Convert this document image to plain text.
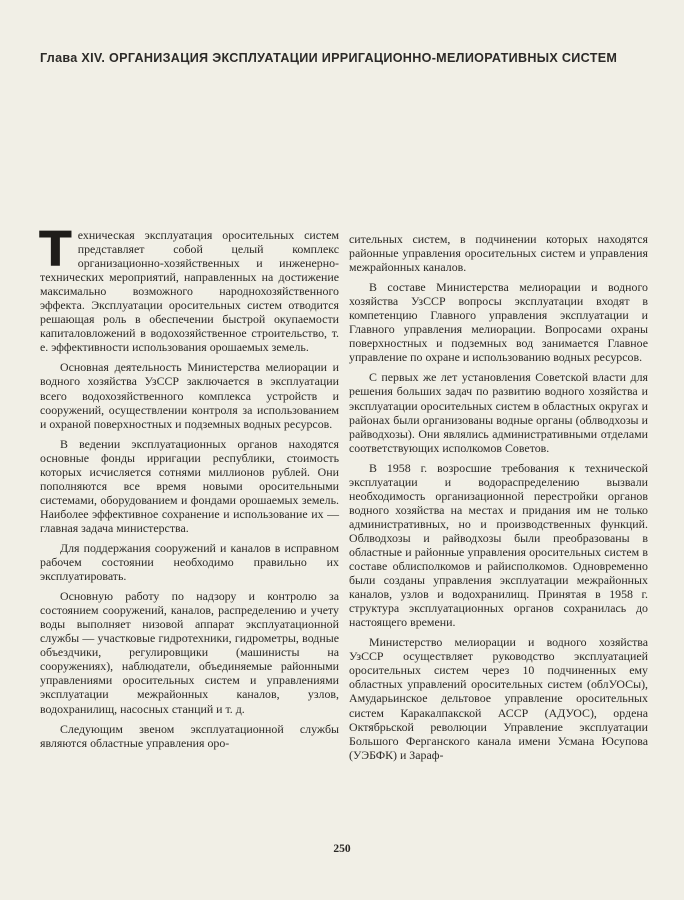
Глава XIV. ОРГАНИЗАЦИЯ ЭКСПЛУАТАЦИИ ИРРИГАЦИОННО-МЕЛИОРАТИВНЫХ СИСТЕМ

Техническая эксплуатация оросительных систем представляет собой целый комплекс организационно-хозяйственных и инженерно-технических мероприятий, направленных на достижение максимально возможного народнохозяйственного эффекта. Эксплуатации оросительных систем отводится решающая роль в обеспечении быстрой окупаемости капиталовложений в водохозяйственное строительство, т. е. эффективности использования орошаемых земель.

Основная деятельность Министерства мелиорации и водного хозяйства УзССР заключается в эксплуатации всего водохозяйственного комплекса устройств и сооружений, осуществлении контроля за использованием и охраной поверхностных и подземных водных ресурсов.

В ведении эксплуатационных органов находятся основные фонды ирригации республики, стоимость которых исчисляется сотнями миллионов рублей. Они пополняются все время новыми оросительными системами, оборудованием и фондами орошаемых земель. Наиболее эффективное сохранение и использование их — главная задача министерства.

Для поддержания сооружений и каналов в исправном рабочем состоянии необходимо правильно их эксплуатировать.

Основную работу по надзору и контролю за состоянием сооружений, каналов, распределению и учету воды выполняет низовой аппарат эксплуатационной службы — участковые гидротехники, гидрометры, водные объездчики, регулировщики (машинисты на сооружениях), наблюдатели, объединяемые районными управлениями оросительных систем и управлениями эксплуатации межрайонных каналов, узлов, водохранилищ, насосных станций и т. д.

Следующим звеном эксплуатационной службы являются областные управления оро-

сительных систем, в подчинении которых находятся районные управления оросительных систем и управления межрайонных каналов.

В составе Министерства мелиорации и водного хозяйства УзССР вопросы эксплуатации входят в компетенцию Главного управления эксплуатации и Главного управления мелиорации. Вопросами охраны поверхностных и подземных вод занимается Главное управление по охране и использованию водных ресурсов.

С первых же лет установления Советской власти для решения больших задач по развитию водного хозяйства и эксплуатации оросительных систем в областных округах и районах были организованы водные органы (облводхозы и райводхозы). Они являлись административными отделами соответствующих исполкомов Советов.

В 1958 г. возросшие требования к технической эксплуатации и водораспределению вызвали необходимость организационной перестройки органов водного хозяйства на местах и придания им не только административных, но и производственных функций. Облводхозы и райводхозы были преобразованы в областные и районные управления оросительных систем в составе облисполкомов и райисполкомов. Одновременно были созданы управления эксплуатации межрайонных каналов, узлов и водохранилищ. Принятая в 1958 г. структура эксплуатационных органов сохранилась до настоящего времени.

Министерство мелиорации и водного хозяйства УзССР осуществляет руководство эксплуатацией оросительных систем через 10 подчиненных ему областных управлений оросительных систем (облУОСы), Амударьинское дельтовое управление оросительных систем Каракалпакской АССР (АДУОС), ордена Октябрьской революции Управление эксплуатации Большого Ферганского канала имени Усмана Юсупова (УЭБФК) и Зараф-

250
